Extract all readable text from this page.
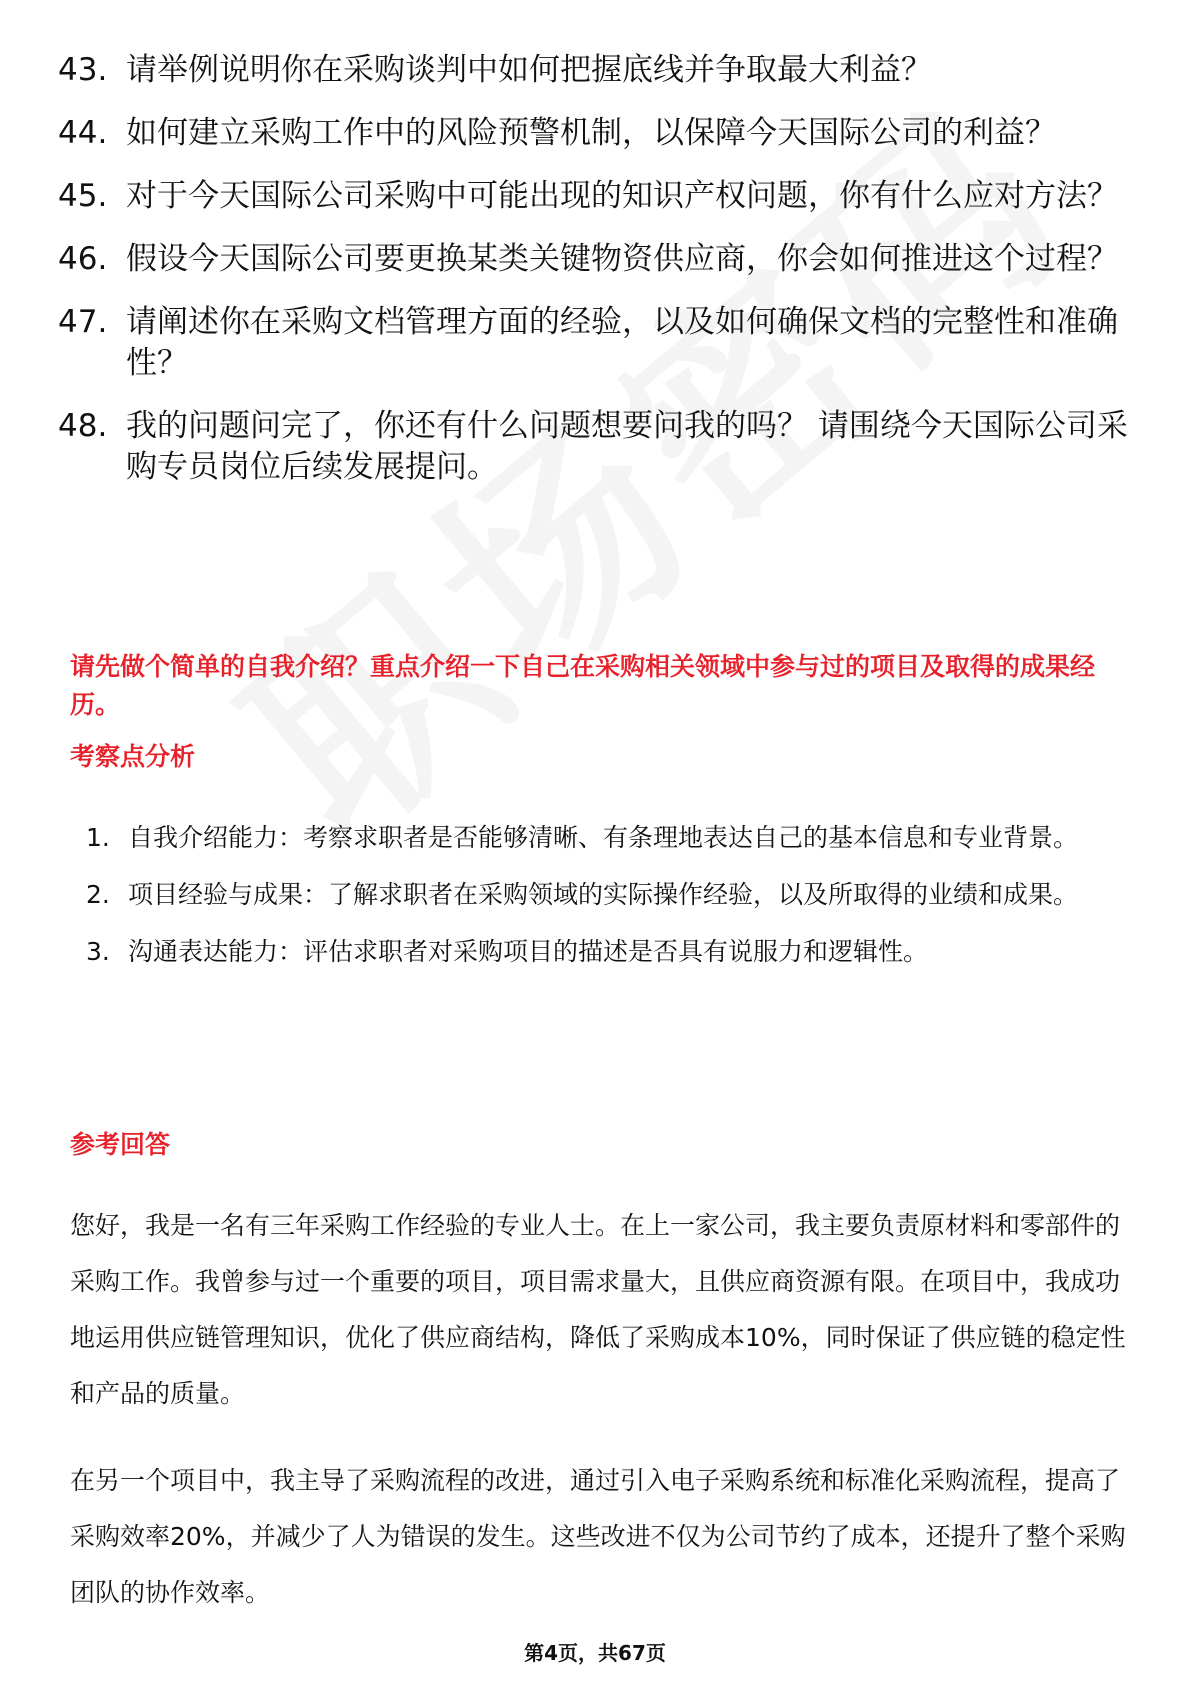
43. 请举例说明你在采购谈判中如何把握底线并争取最大利益？
44. 如何建立采购工作中的风险预警机制，以保障今天国际公司的利益？
45. 对于今天国际公司采购中可能出现的知识产权问题，你有什么应对方法？
46. 假设今天国际公司要更换某类关键物资供应商，你会如何推进这个过程？
47. 请阐述你在采购文档管理方面的经验，以及如何确保文档的完整性和准确性？
48. 我的问题问完了，你还有什么问题想要问我的吗？ 请围绕今天国际公司采购专员岗位后续发展提问。

请先做个简单的自我介绍？重点介绍一下自己在采购相关领域中参与过的项目及取得的成果经历。

考察点分析
1. 自我介绍能力：考察求职者是否能够清晰、有条理地表达自己的基本信息和专业背景。
2. 项目经验与成果：了解求职者在采购领域的实际操作经验，以及所取得的业绩和成果。
3. 沟通表达能力：评估求职者对采购项目的描述是否具有说服力和逻辑性。
参考回答

您好，我是一名有三年采购工作经验的专业人士。在上一家公司，我主要负责原材料和零部件的采购工作。我曾参与过一个重要的项目，项目需求量大，且供应商资源有限。在项目中，我成功地运用供应链管理知识，优化了供应商结构，降低了采购成本10%，同时保证了供应链的稳定性和产品的质量。

在另一个项目中，我主导了采购流程的改进，通过引入电子采购系统和标准化采购流程，提高了采购效率20%，并减少了人为错误的发生。这些改进不仅为公司节约了成本，还提升了整个采购团队的协作效率。

第4页，共67页
